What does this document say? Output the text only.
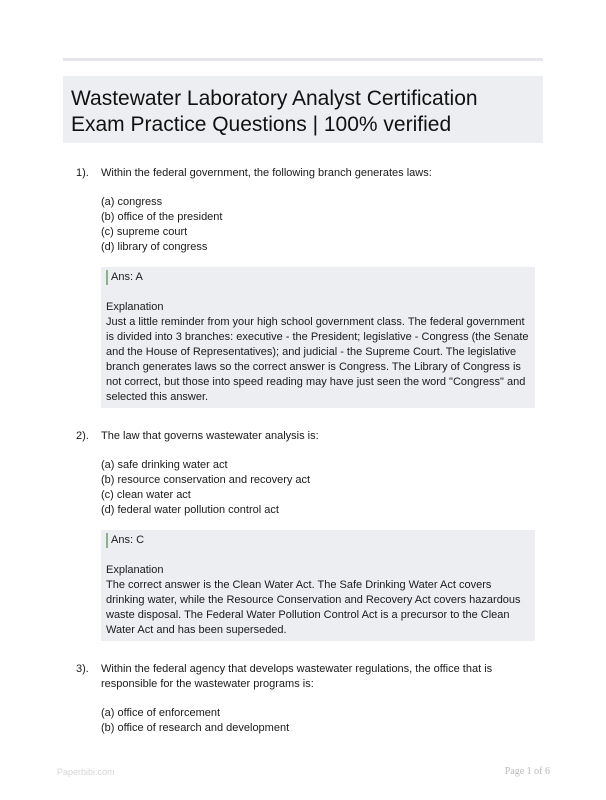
Wastewater Laboratory Analyst Certification Exam Practice Questions | 100% verified
1). Within the federal government, the following branch generates laws:
(a) congress
(b) office of the president
(c) supreme court
(d) library of congress
Ans: A
Explanation
Just a little reminder from your high school government class. The federal government is divided into 3 branches: executive - the President; legislative - Congress (the Senate and the House of Representatives); and judicial - the Supreme Court. The legislative branch generates laws so the correct answer is Congress. The Library of Congress is not correct, but those into speed reading may have just seen the word "Congress" and selected this answer.
2). The law that governs wastewater analysis is:
(a) safe drinking water act
(b) resource conservation and recovery act
(c) clean water act
(d) federal water pollution control act
Ans: C
Explanation
The correct answer is the Clean Water Act. The Safe Drinking Water Act covers drinking water, while the Resource Conservation and Recovery Act covers hazardous waste disposal. The Federal Water Pollution Control Act is a precursor to the Clean Water Act and has been superseded.
3). Within the federal agency that develops wastewater regulations, the office that is responsible for the wastewater programs is:
(a) office of enforcement
(b) office of research and development
Paperbibi.com	Page 1 of 6
